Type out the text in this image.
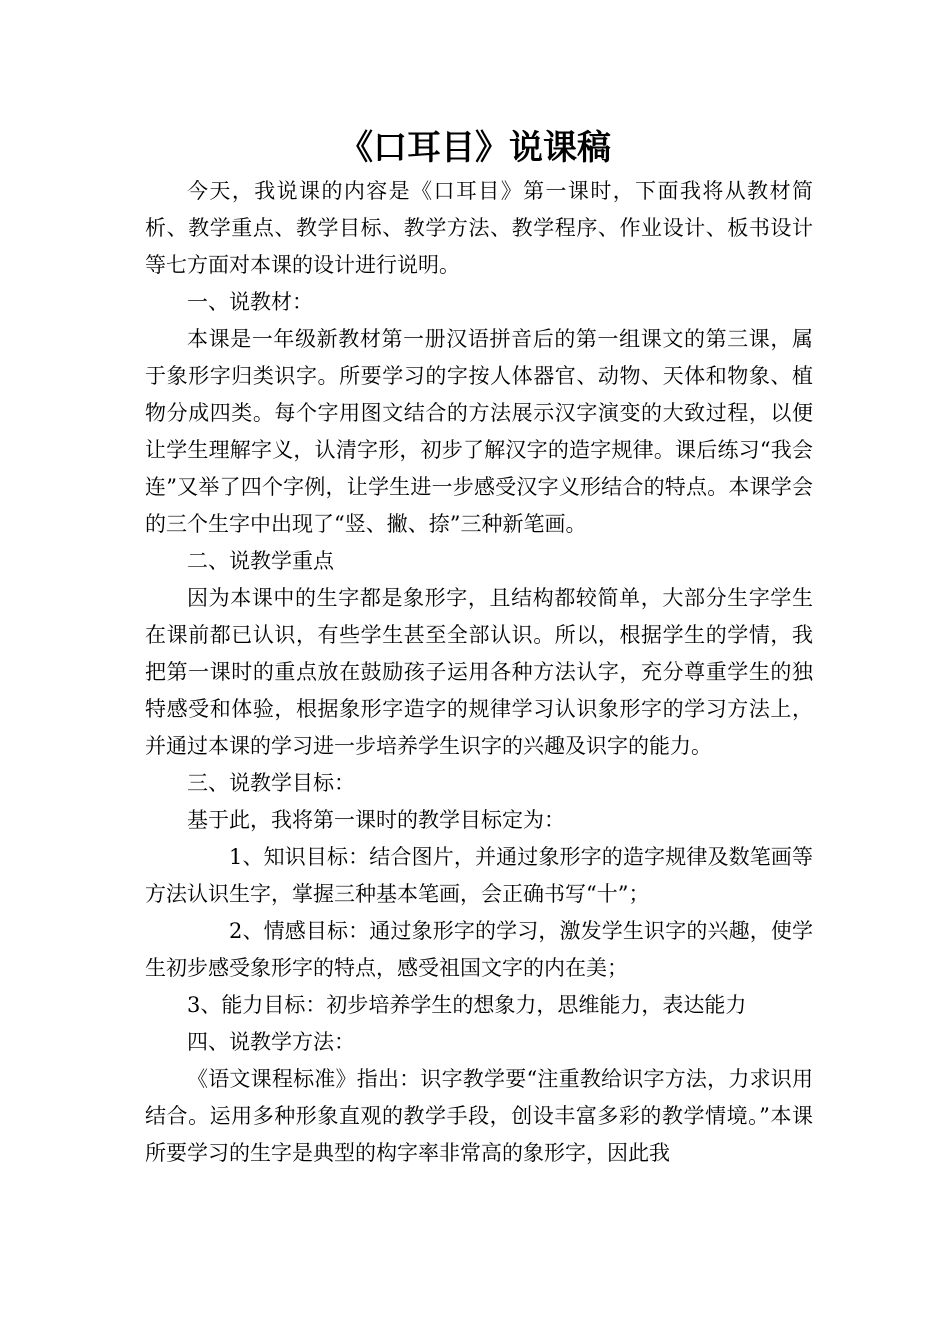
《口耳目》说课稿

今天，我说课的内容是《口耳目》第一课时，下面我将从教材简析、教学重点、教学目标、教学方法、教学程序、作业设计、板书设计等七方面对本课的设计进行说明。

一、说教材：

本课是一年级新教材第一册汉语拼音后的第一组课文的第三课，属于象形字归类识字。所要学习的字按人体器官、动物、天体和物象、植物分成四类。每个字用图文结合的方法展示汉字演变的大致过程，以便让学生理解字义，认清字形，初步了解汉字的造字规律。课后练习“我会连”又举了四个字例，让学生进一步感受汉字义形结合的特点。本课学会的三个生字中出现了“竖、撇、捺”三种新笔画。

二、说教学重点

因为本课中的生字都是象形字，且结构都较简单，大部分生字学生在课前都已认识，有些学生甚至全部认识。所以，根据学生的学情，我把第一课时的重点放在鼓励孩子运用各种方法认字，充分尊重学生的独特感受和体验，根据象形字造字的规律学习认识象形字的学习方法上，并通过本课的学习进一步培养学生识字的兴趣及识字的能力。

三、说教学目标：

基于此，我将第一课时的教学目标定为：

1、知识目标：结合图片，并通过象形字的造字规律及数笔画等方法认识生字，掌握三种基本笔画，会正确书写“十”；

2、情感目标：通过象形字的学习，激发学生识字的兴趣，使学生初步感受象形字的特点，感受祖国文字的内在美；

3、能力目标：初步培养学生的想象力，思维能力，表达能力

四、说教学方法：

《语文课程标准》指出：识字教学要“注重教给识字方法，力求识用结合。运用多种形象直观的教学手段，创设丰富多彩的教学情境。”本课所要学习的生字是典型的构字率非常高的象形字，因此我
